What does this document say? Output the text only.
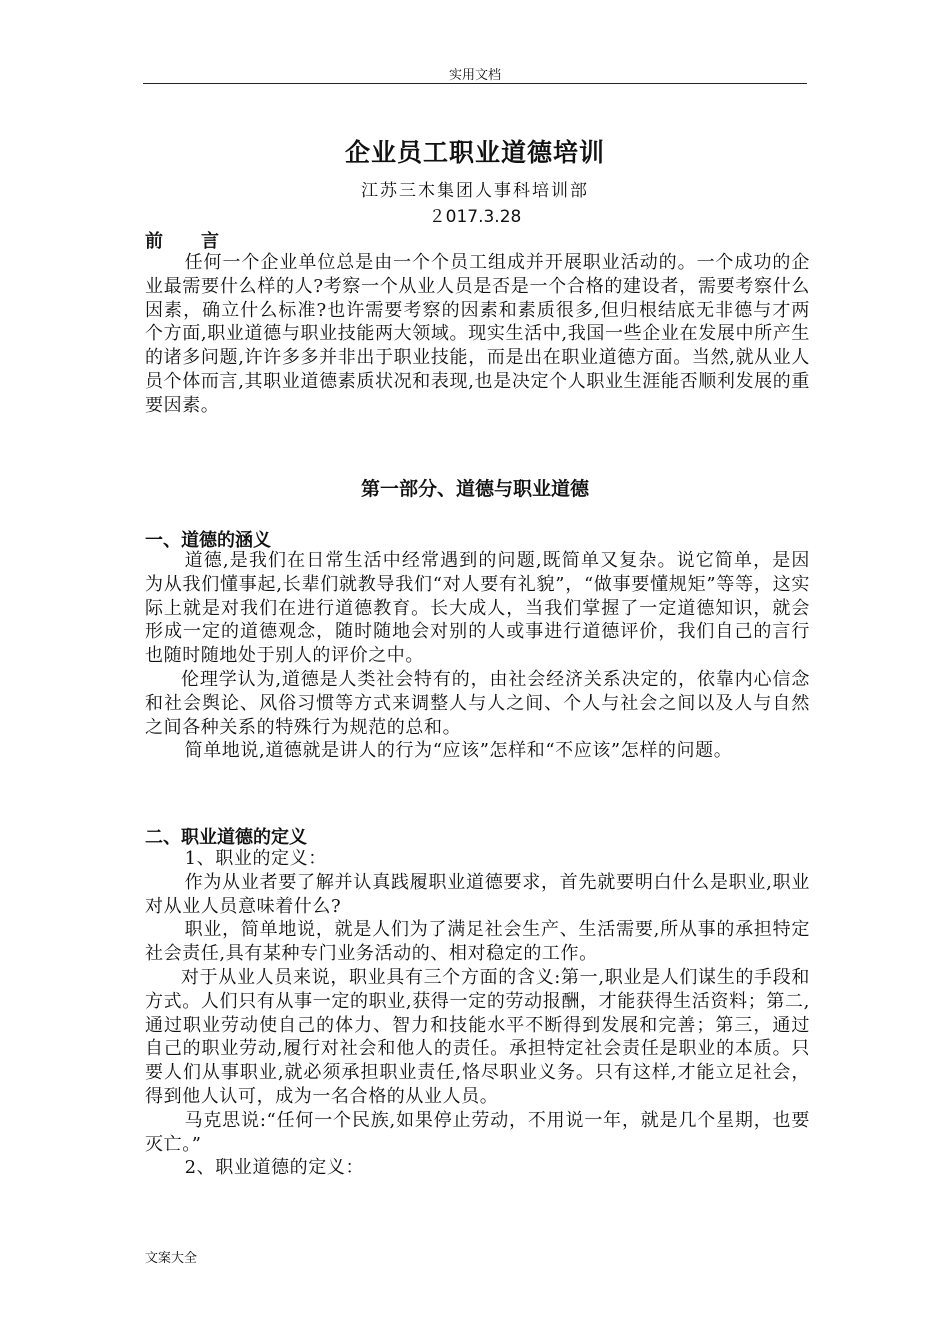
实用文档
企业员工职业道德培训
江苏三木集团人事科培训部
２017.3.28
前言

任何一个企业单位总是由一个个员工组成并开展职业活动的。一个成功的企业最需要什么样的人?考察一个从业人员是否是一个合格的建设者，需要考察什么因素，确立什么标准?也许需要考察的因素和素质很多,但归根结底无非德与才两个方面,职业道德与职业技能两大领域。现实生活中,我国一些企业在发展中所产生的诸多问题,许许多多并非出于职业技能，而是出在职业道德方面。当然,就从业人员个体而言,其职业道德素质状况和表现,也是决定个人职业生涯能否顺利发展的重要因素。

第一部分、道德与职业道德
一、道德的涵义

道德,是我们在日常生活中经常遇到的问题,既简单又复杂。说它简单，是因为从我们懂事起,长辈们就教导我们“对人要有礼貌”，“做事要懂规矩”等等，这实际上就是对我们在进行道德教育。长大成人，当我们掌握了一定道德知识，就会形成一定的道德观念，随时随地会对别的人或事进行道德评价，我们自己的言行也随时随地处于别人的评价之中。

伦理学认为,道德是人类社会特有的，由社会经济关系决定的，依靠内心信念和社会舆论、风俗习惯等方式来调整人与人之间、个人与社会之间以及人与自然之间各种关系的特殊行为规范的总和。

简单地说,道德就是讲人的行为“应该”怎样和“不应该”怎样的问题。

二、职业道德的定义

1、职业的定义：

作为从业者要了解并认真践履职业道德要求，首先就要明白什么是职业,职业对从业人员意味着什么?

职业，简单地说，就是人们为了满足社会生产、生活需要,所从事的承担特定社会责任,具有某种专门业务活动的、相对稳定的工作。

对于从业人员来说，职业具有三个方面的含义:第一,职业是人们谋生的手段和方式。人们只有从事一定的职业,获得一定的劳动报酬，才能获得生活资料；第二,通过职业劳动使自己的体力、智力和技能水平不断得到发展和完善；第三，通过自己的职业劳动,履行对社会和他人的责任。承担特定社会责任是职业的本质。只要人们从事职业,就必须承担职业责任,恪尽职业义务。只有这样,才能立足社会，得到他人认可，成为一名合格的从业人员。

马克思说:“任何一个民族,如果停止劳动，不用说一年，就是几个星期，也要灭亡。”

2、职业道德的定义：

文案大全
